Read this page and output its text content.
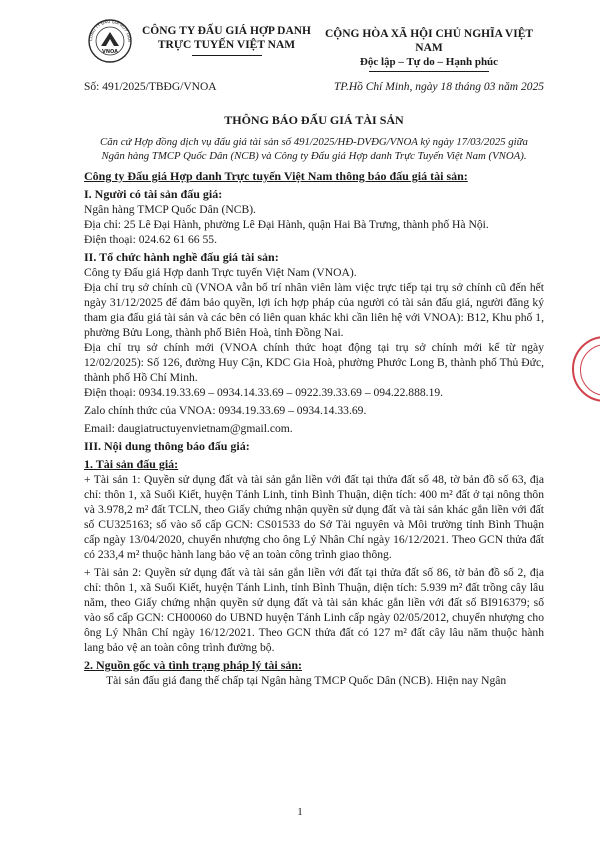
CÔNG TY ĐẤU GIÁ HỢP DAN
VNOA
CÔNG TY ĐẤU GIÁ HỢP DANH
TRỰC TUYẾN VIỆT NAM
CỘNG HÒA XÃ HỘI CHỦ NGHĨA VIỆT NAM
Độc lập – Tự do – Hạnh phúc
Số: 491/2025/TBĐG/VNOA	TP.Hồ Chí Minh, ngày 18 tháng 03 năm 2025
THÔNG BÁO ĐẤU GIÁ TÀI SẢN
Căn cứ Hợp đồng dịch vụ đấu giá tài sản số 491/2025/HĐ-DVĐG/VNOA ký ngày 17/03/2025 giữa Ngân hàng TMCP Quốc Dân (NCB) và Công ty Đấu giá Hợp danh Trực Tuyến Việt Nam (VNOA).
Công ty Đấu giá Hợp danh Trực tuyến Việt Nam thông báo đấu giá tài sản:
I. Người có tài sản đấu giá:

Ngân hàng TMCP Quốc Dân (NCB).

Địa chỉ: 25 Lê Đại Hành, phường Lê Đại Hành, quận Hai Bà Trưng, thành phố Hà Nội.

Điện thoại: 024.62 61 66 55.

II. Tổ chức hành nghề đấu giá tài sản:

Công ty Đấu giá Hợp danh Trực tuyến Việt Nam (VNOA).

Địa chỉ trụ sở chính cũ (VNOA vẫn bố trí nhân viên làm việc trực tiếp tại trụ sở chính cũ đến hết ngày 31/12/2025 để đảm bảo quyền, lợi ích hợp pháp của người có tài sản đấu giá, người đăng ký tham gia đấu giá tài sản và các bên có liên quan khác khi cần liên hệ với VNOA): B12, Khu phố 1, phường Bửu Long, thành phố Biên Hoà, tỉnh Đồng Nai.

Địa chỉ trụ sở chính mới (VNOA chính thức hoạt động tại trụ sở chính mới kể từ ngày 12/02/2025): Số 126, đường Huy Cận, KDC Gia Hoà, phường Phước Long B, thành phố Thủ Đức, thành phố Hồ Chí Minh.

Điện thoại: 0934.19.33.69 – 0934.14.33.69 – 0922.39.33.69 – 094.22.888.19.

Zalo chính thức của VNOA: 0934.19.33.69 – 0934.14.33.69.

Email: daugiatructuyenvietnam@gmail.com.

III. Nội dung thông báo đấu giá:
1. Tài sản đấu giá:

+ Tài sản 1: Quyền sử dụng đất và tài sản gắn liền với đất tại thửa đất số 48, tờ bản đồ số 63, địa chỉ: thôn 1, xã Suối Kiết, huyện Tánh Linh, tỉnh Bình Thuận, diện tích: 400 m² đất ở tại nông thôn và 3.978,2 m² đất TCLN, theo Giấy chứng nhận quyền sử dụng đất và tài sản khác gắn liền với đất số CU325163; số vào sổ cấp GCN: CS01533 do Sở Tài nguyên và Môi trường tỉnh Bình Thuận cấp ngày 13/04/2020, chuyển nhượng cho ông Lý Nhân Chí ngày 16/12/2021. Theo GCN thửa đất có 233,4 m² thuộc hành lang bảo vệ an toàn công trình giao thông.

+ Tài sản 2: Quyền sử dụng đất và tài sản gắn liền với đất tại thửa đất số 86, tờ bản đồ số 2, địa chỉ: thôn 1, xã Suối Kiết, huyện Tánh Linh, tỉnh Bình Thuận, diện tích: 5.939 m² đất trồng cây lâu năm, theo Giấy chứng nhận quyền sử dụng đất và tài sản khác gắn liền với đất số BI916379; số vào sổ cấp GCN: CH00060 do UBND huyện Tánh Linh cấp ngày 02/05/2012, chuyển nhượng cho ông Lý Nhân Chí ngày 16/12/2021. Theo GCN thửa đất có 127 m² đất cây lâu năm thuộc hành lang bảo vệ an toàn công trình đường bộ.

2. Nguồn gốc và tình trạng pháp lý tài sản:

Tài sản đấu giá đang thế chấp tại Ngân hàng TMCP Quốc Dân (NCB). Hiện nay Ngân

1
